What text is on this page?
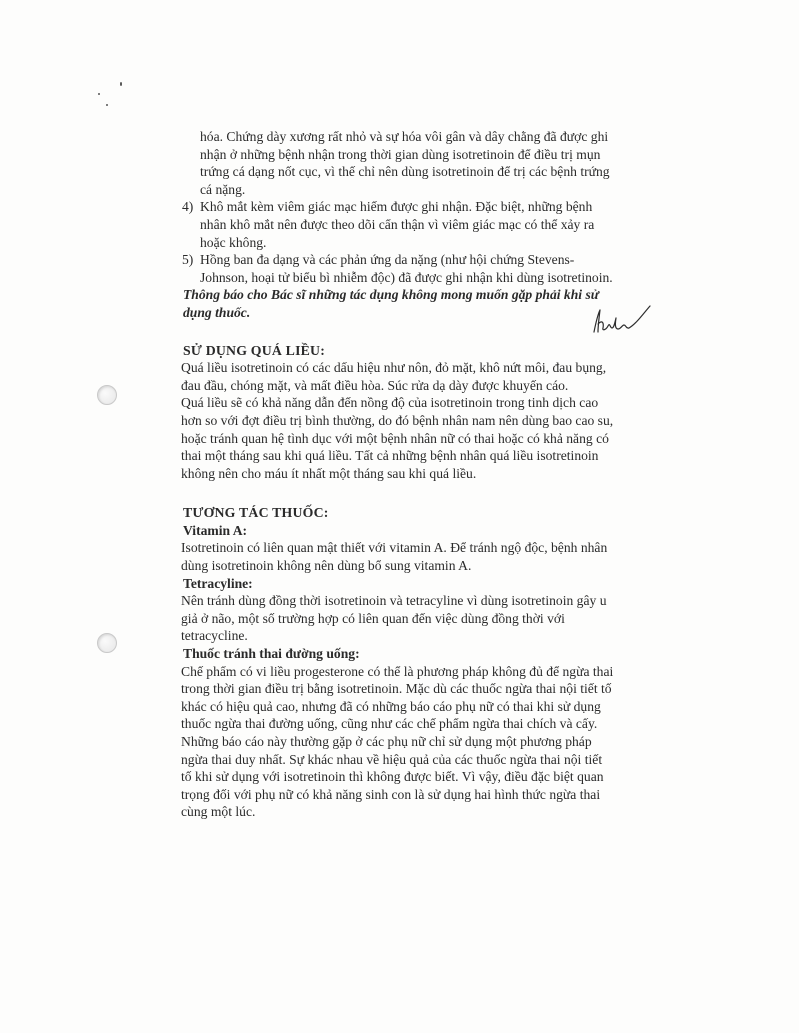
hóa. Chứng dày xương rất nhỏ và sự hóa vôi gân và dây chằng đã được ghi
nhận ở những bệnh nhận trong thời gian dùng isotretinoin để điều trị mụn
trứng cá dạng nốt cục, vì thế chỉ nên dùng isotretinoin để trị các bệnh trứng
cá nặng.
4) Khô mắt kèm viêm giác mạc hiếm được ghi nhận. Đặc biệt, những bệnh
nhân khô mắt nên được theo dõi cẩn thận vì viêm giác mạc có thể xảy ra
hoặc không.
5) Hồng ban đa dạng và các phản ứng da nặng (như hội chứng Stevens-
Johnson, hoại tử biểu bì nhiễm độc) đã được ghi nhận khi dùng isotretinoin.
Thông báo cho Bác sĩ những tác dụng không mong muốn gặp phải khi sử
dụng thuốc.
SỬ DỤNG QUÁ LIỀU:
Quá liều isotretinoin có các dấu hiệu như nôn, đỏ mặt, khô nứt môi, đau bụng,
đau đầu, chóng mặt, và mất điều hòa. Súc rửa dạ dày được khuyến cáo.
Quá liều sẽ có khả năng dẫn đến nồng độ của isotretinoin trong tinh dịch cao
hơn so với đợt điều trị bình thường, do đó bệnh nhân nam nên dùng bao cao su,
hoặc tránh quan hệ tình dục với một bệnh nhân nữ có thai hoặc có khả năng có
thai một tháng sau khi quá liều. Tất cả những bệnh nhân quá liều isotretinoin
không nên cho máu ít nhất một tháng sau khi quá liều.
TƯƠNG TÁC THUỐC:
Vitamin A:
Isotretinoin có liên quan mật thiết với vitamin A. Để tránh ngộ độc, bệnh nhân
dùng isotretinoin không nên dùng bổ sung vitamin A.
Tetracyline:
Nên tránh dùng đồng thời isotretinoin và tetracyline vì dùng isotretinoin gây u
giả ở não, một số trường hợp có liên quan đến việc dùng đồng thời với
tetracycline.
Thuốc tránh thai đường uống:
Chế phẩm có vi liều progesterone có thể là phương pháp không đủ để ngừa thai
trong thời gian điều trị bằng isotretinoin. Mặc dù các thuốc ngừa thai nội tiết tố
khác có hiệu quả cao, nhưng đã có những báo cáo phụ nữ có thai khi sử dụng
thuốc ngừa thai đường uống, cũng như các chế phẩm ngừa thai chích và cấy.
Những báo cáo này thường gặp ở các phụ nữ chỉ sử dụng một phương pháp
ngừa thai duy nhất. Sự khác nhau về hiệu quả của các thuốc ngừa thai nội tiết
tố khi sử dụng với isotretinoin thì không được biết. Vì vậy, điều đặc biệt quan
trọng đối với phụ nữ có khả năng sinh con là sử dụng hai hình thức ngừa thai
cùng một lúc.
